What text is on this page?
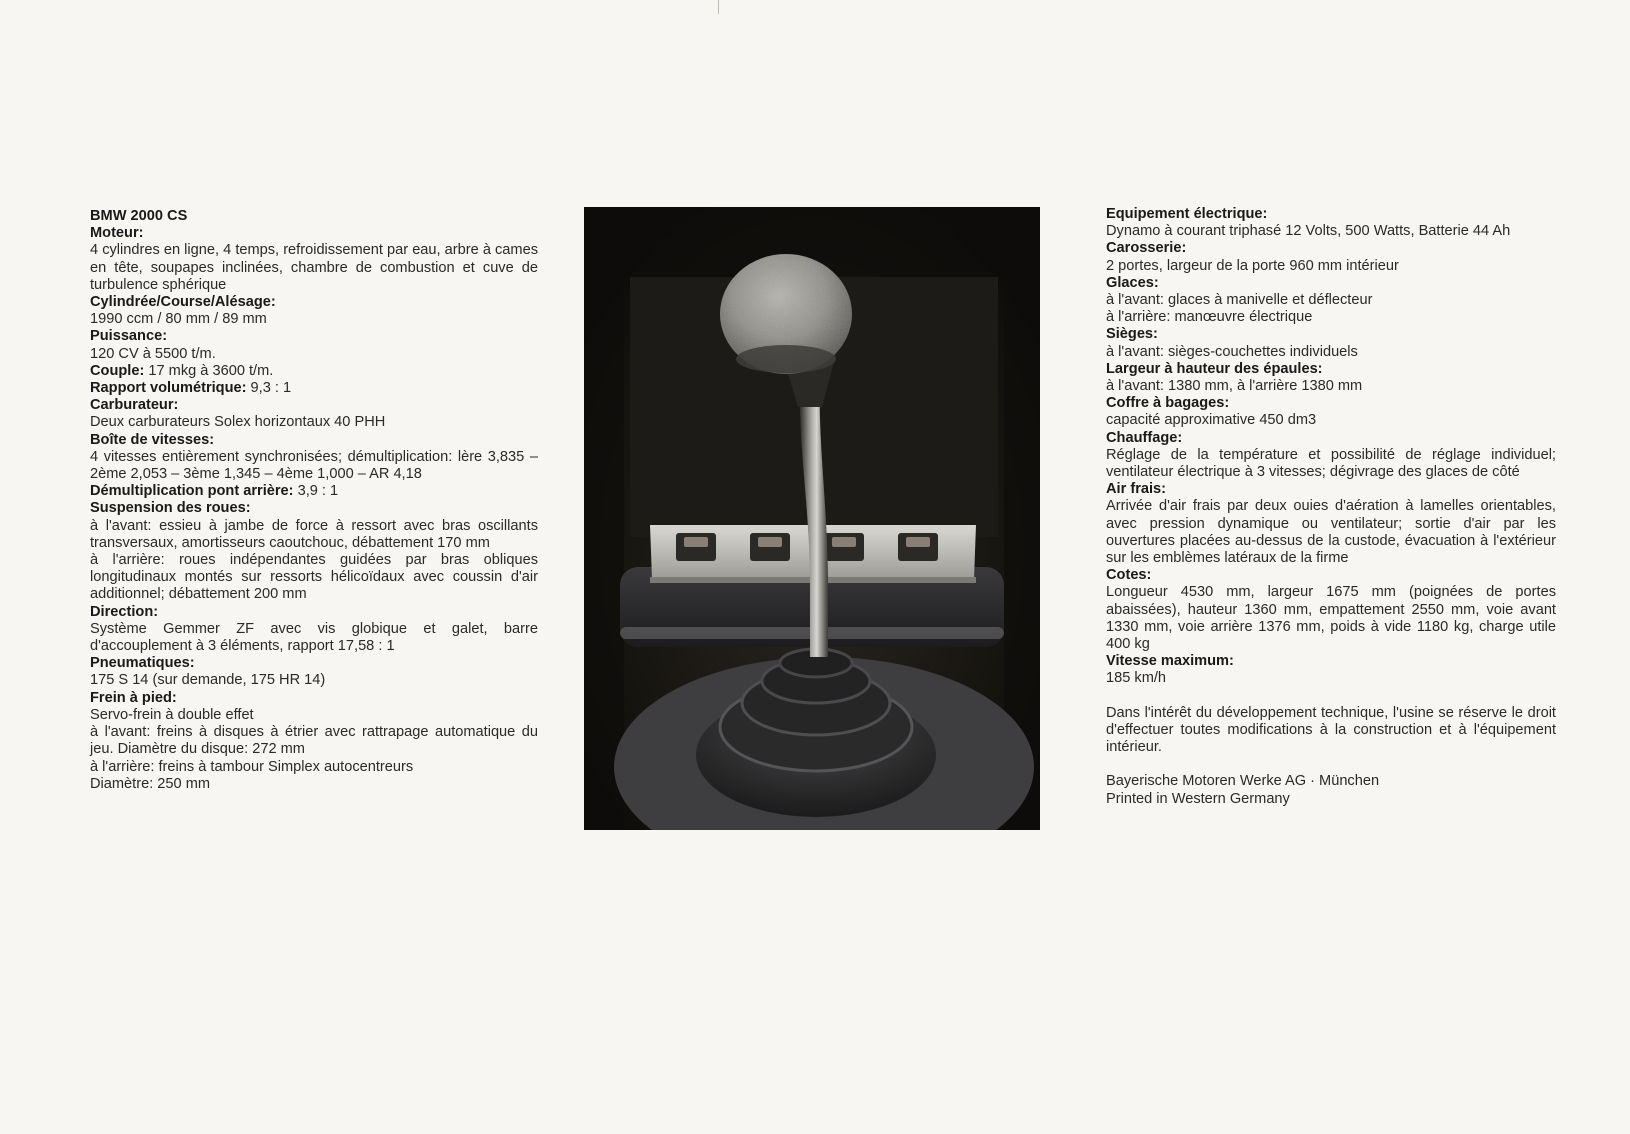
BMW 2000 CS
Moteur:
4 cylindres en ligne, 4 temps, refroidissement par eau, arbre à cames en tête, soupapes inclinées, chambre de combustion et cuve de turbulence sphérique
Cylindrée/Course/Alésage:
1990 ccm / 80 mm / 89 mm
Puissance:
120 CV à 5500 t/m.
Couple: 17 mkg à 3600 t/m.
Rapport volumétrique: 9,3 : 1
Carburateur:
Deux carburateurs Solex horizontaux 40 PHH
Boîte de vitesses:
4 vitesses entièrement synchronisées; démultiplication: lère 3,835 – 2ème 2,053 – 3ème 1,345 – 4ème 1,000 – AR 4,18
Démultiplication pont arrière: 3,9 : 1
Suspension des roues:
à l'avant: essieu à jambe de force à ressort avec bras oscillants transversaux, amortisseurs caoutchouc, débattement 170 mm
à l'arrière: roues indépendantes guidées par bras obliques longitudinaux montés sur ressorts hélicoïdaux avec coussin d'air additionnel; débattement 200 mm
Direction:
Système Gemmer ZF avec vis globique et galet, barre d'accouplement à 3 éléments, rapport 17,58 : 1
Pneumatiques:
175 S 14 (sur demande, 175 HR 14)
Frein à pied:
Servo-frein à double effet
à l'avant: freins à disques à étrier avec rattrapage automatique du jeu. Diamètre du disque: 272 mm
à l'arrière: freins à tambour Simplex autocentreurs
Diamètre: 250 mm
Equipement électrique:
Dynamo à courant triphasé 12 Volts, 500 Watts, Batterie 44 Ah
Carosserie:
2 portes, largeur de la porte 960 mm intérieur
Glaces:
à l'avant: glaces à manivelle et déflecteur
à l'arrière: manœuvre électrique
Sièges:
à l'avant: sièges-couchettes individuels
Largeur à hauteur des épaules:
à l'avant: 1380 mm, à l'arrière 1380 mm
Coffre à bagages:
capacité approximative 450 dm3
Chauffage:
Réglage de la température et possibilité de réglage individuel; ventilateur électrique à 3 vitesses; dégivrage des glaces de côté
Air frais:
Arrivée d'air frais par deux ouies d'aération à lamelles orientables, avec pression dynamique ou ventilateur; sortie d'air par les ouvertures placées au-dessus de la custode, évacuation à l'extérieur sur les emblèmes latéraux de la firme
Cotes:
Longueur 4530 mm, largeur 1675 mm (poignées de portes abaissées), hauteur 1360 mm, empattement 2550 mm, voie avant 1330 mm, voie arrière 1376 mm, poids à vide 1180 kg, charge utile 400 kg
Vitesse maximum:
185 km/h
Dans l'intérêt du développement technique, l'usine se réserve le droit d'effectuer toutes modifications à la construction et à l'équipement intérieur.
Bayerische Motoren Werke AG · München
Printed in Western Germany
